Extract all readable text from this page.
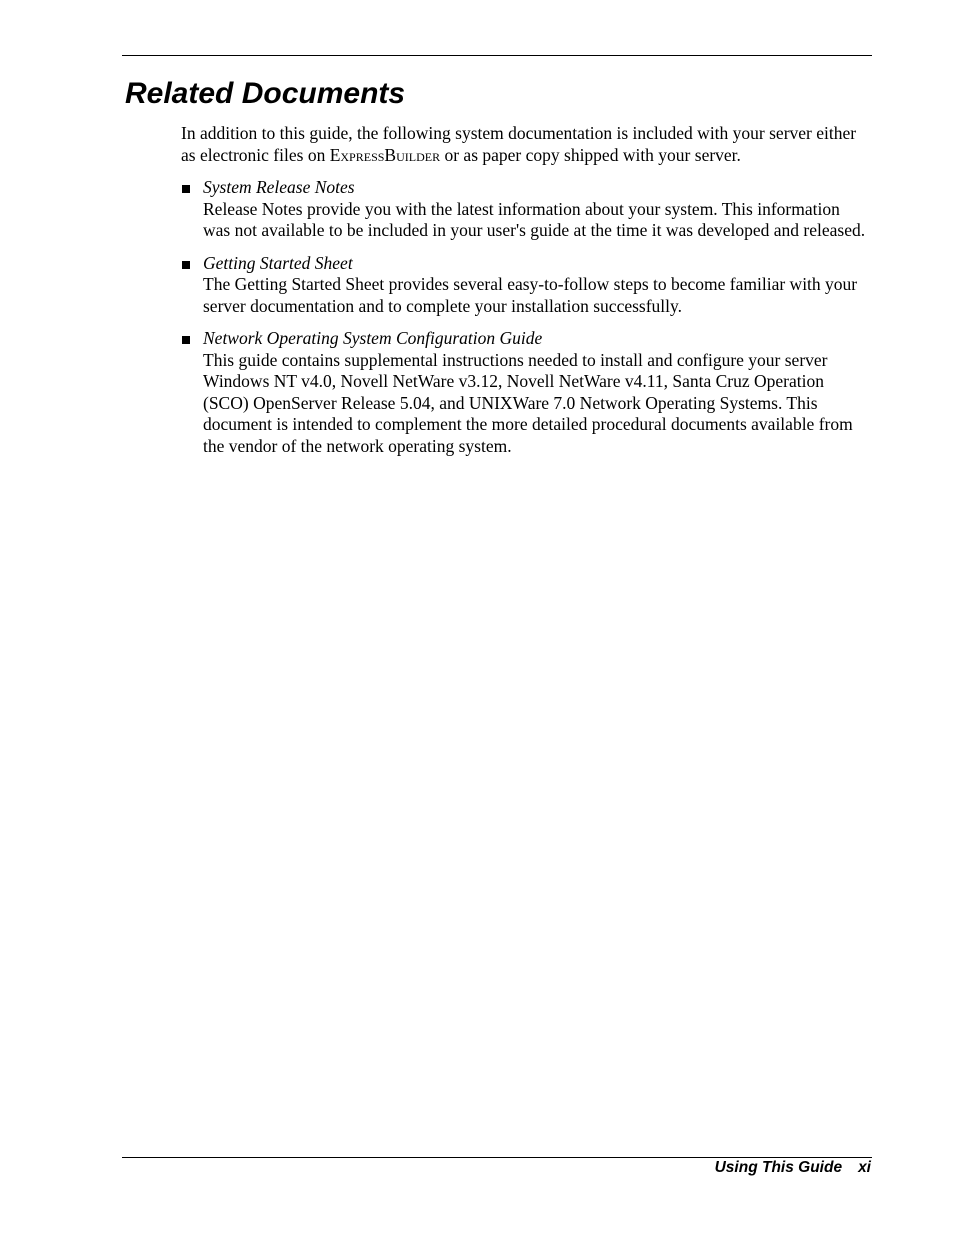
Related Documents

In addition to this guide, the following system documentation is included with your server either as electronic files on ExpressBuilder or as paper copy shipped with your server.

System Release Notes
Release Notes provide you with the latest information about your system. This information was not available to be included in your user's guide at the time it was developed and released.
Getting Started Sheet
The Getting Started Sheet provides several easy-to-follow steps to become familiar with your server documentation and to complete your installation successfully.
Network Operating System Configuration Guide
This guide contains supplemental instructions needed to install and configure your server Windows NT v4.0, Novell NetWare v3.12, Novell NetWare v4.11, Santa Cruz Operation (SCO) OpenServer Release 5.04, and UNIXWare 7.0 Network Operating Systems. This document is intended to complement the more detailed procedural documents available from the vendor of the network operating system.
Using This Guide xi
